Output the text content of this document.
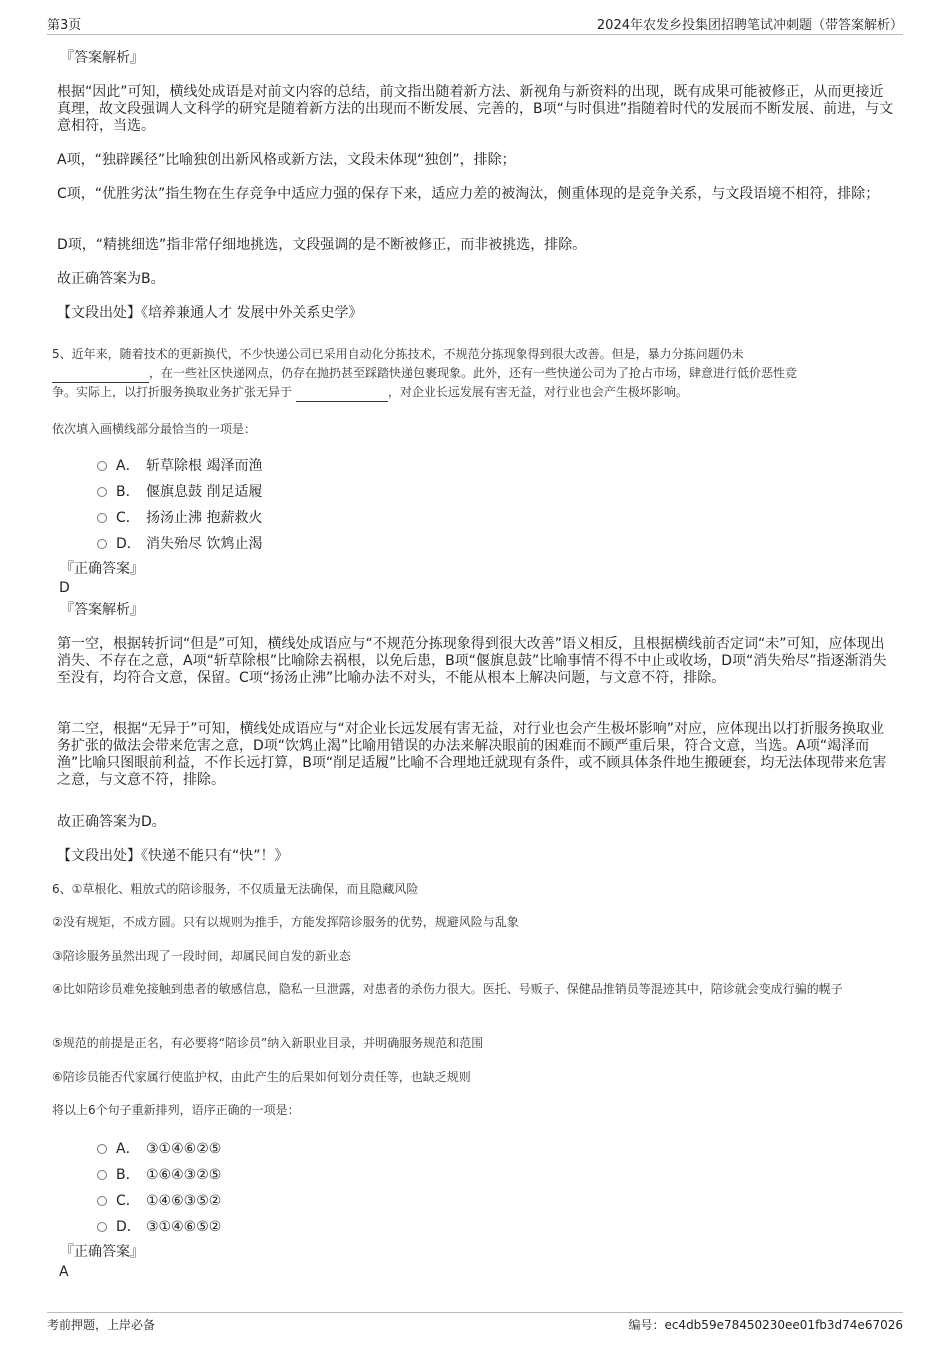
第3页	2024年农发乡投集团招聘笔试冲刺题（带答案解析）
『答案解析』
根据“因此”可知，横线处成语是对前文内容的总结，前文指出随着新方法、新视角与新资料的出现，既有成果可能被修正，从而更接近真理，故文段强调人文科学的研究是随着新方法的出现而不断发展、完善的，B项“与时俱进”指随着时代的发展而不断发展、前进，与文意相符，当选。
A项，“独辟蹊径”比喻独创出新风格或新方法，文段未体现“独创”，排除；
C项，“优胜劣汰”指生物在生存竞争中适应力强的保存下来，适应力差的被淘汰，侧重体现的是竞争关系，与文段语境不相符，排除；
D项，“精挑细选”指非常仔细地挑选，文段强调的是不断被修正，而非被挑选，排除。
故正确答案为B。
【文段出处】《培养兼通人才 发展中外关系史学》
5、近年来，随着技术的更新换代，不少快递公司已采用自动化分拣技术，不规范分拣现象得到很大改善。但是，暴力分拣问题仍未
，在一些社区快递网点，仍存在抛扔甚至踩踏快递包裹现象。此外，还有一些快递公司为了抢占市场，肆意进行低价恶性竞
争。实际上，以打折服务换取业务扩张无异于	，对企业长远发展有害无益，对行业也会产生极坏影响。
依次填入画横线部分最恰当的一项是：
A． 斩草除根 竭泽而渔
B． 偃旗息鼓 削足适履
C． 扬汤止沸 抱薪救火
D． 消失殆尽 饮鸩止渴
『正确答案』
D
『答案解析』
第一空，根据转折词“但是”可知，横线处成语应与“不规范分拣现象得到很大改善”语义相反，且根据横线前否定词“未”可知，应体现出消失、不存在之意，A项“斩草除根”比喻除去祸根，以免后患，B项“偃旗息鼓”比喻事情不得不中止或收场，D项“消失殆尽”指逐渐消失至没有，均符合文意，保留。C项“扬汤止沸”比喻办法不对头，不能从根本上解决问题，与文意不符，排除。
第二空，根据“无异于”可知，横线处成语应与“对企业长远发展有害无益，对行业也会产生极坏影响”对应，应体现出以打折服务换取业务扩张的做法会带来危害之意，D项“饮鸩止渴”比喻用错误的办法来解决眼前的困难而不顾严重后果，符合文意，当选。A项“竭泽而渔”比喻只图眼前利益，不作长远打算，B项“削足适履”比喻不合理地迁就现有条件，或不顾具体条件地生搬硬套，均无法体现带来危害之意，与文意不符，排除。
故正确答案为D。
【文段出处】《快递不能只有“快”！》
6、①草根化、粗放式的陪诊服务，不仅质量无法确保，而且隐藏风险
②没有规矩，不成方圆。只有以规则为推手，方能发挥陪诊服务的优势，规避风险与乱象
③陪诊服务虽然出现了一段时间，却属民间自发的新业态
④比如陪诊员难免接触到患者的敏感信息，隐私一旦泄露，对患者的杀伤力很大。医托、号贩子、保健品推销员等混迹其中，陪诊就会变成行骗的幌子
⑤规范的前提是正名，有必要将“陪诊员”纳入新职业目录，并明确服务规范和范围
⑥陪诊员能否代家属行使监护权，由此产生的后果如何划分责任等，也缺乏规则
将以上6个句子重新排列，语序正确的一项是：
A． ③①④⑥②⑤
B． ①⑥④③②⑤
C． ①④⑥③⑤②
D． ③①④⑥⑤②
『正确答案』
A
考前押题，上岸必备	编号：ec4db59e78450230ee01fb3d74e67026
